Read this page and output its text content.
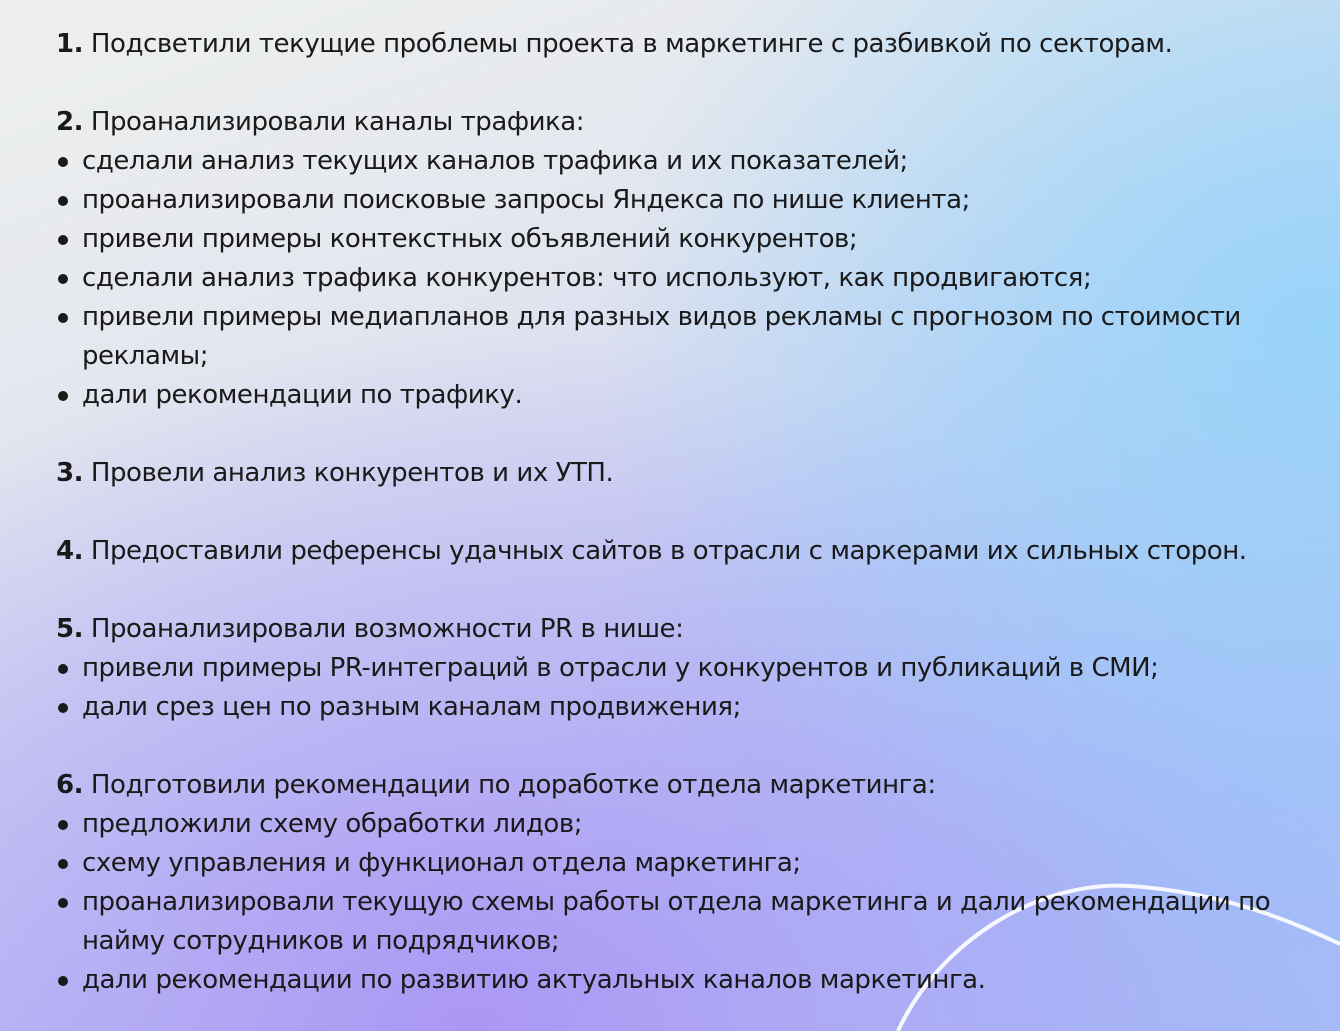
1. Подсветили текущие проблемы проекта в маркетинге с разбивкой по секторам.
2. Проанализировали каналы трафика:
сделали анализ текущих каналов трафика и их показателей;
проанализировали поисковые запросы Яндекса по нише клиента;
привели примеры контекстных объявлений конкурентов;
сделали анализ трафика конкурентов: что используют, как продвигаются;
привели примеры медиапланов для разных видов рекламы с прогнозом по стоимости рекламы;
дали рекомендации по трафику.
3. Провели анализ конкурентов и их УТП.
4. Предоставили референсы удачных сайтов в отрасли с маркерами их сильных сторон.
5. Проанализировали возможности PR в нише:
привели примеры PR-интеграций в отрасли у конкурентов и публикаций в СМИ;
дали срез цен по разным каналам продвижения;
6. Подготовили рекомендации по доработке отдела маркетинга:
предложили схему обработки лидов;
схему управления и функционал отдела маркетинга;
проанализировали текущую схемы работы отдела маркетинга и дали рекомендации по найму сотрудников и подрядчиков;
дали рекомендации по развитию актуальных каналов маркетинга.
